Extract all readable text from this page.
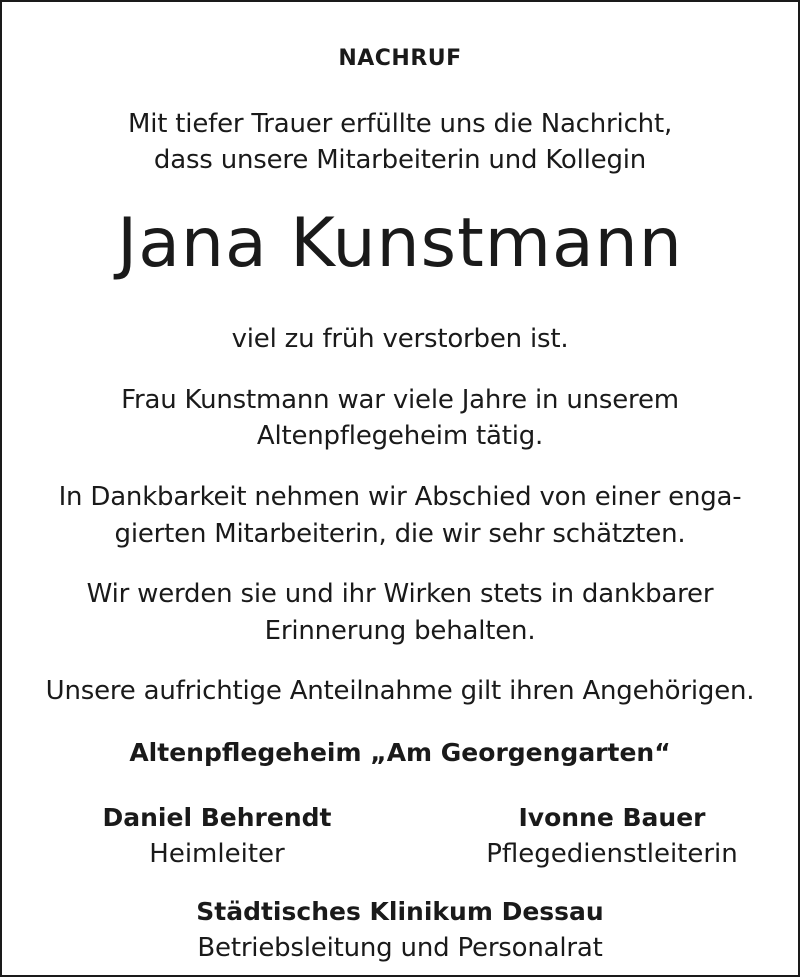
NACHRUF
Mit tiefer Trauer erfüllte uns die Nachricht,
dass unsere Mitarbeiterin und Kollegin
Jana Kunstmann
viel zu früh verstorben ist.
Frau Kunstmann war viele Jahre in unserem
Altenpflegeheim tätig.
In Dankbarkeit nehmen wir Abschied von einer enga-
gierten Mitarbeiterin, die wir sehr schätzten.
Wir werden sie und ihr Wirken stets in dankbarer
Erinnerung behalten.
Unsere aufrichtige Anteilnahme gilt ihren Angehörigen.
Altenpflegeheim „Am Georgengarten“
Daniel Behrendt
Heimleiter
Ivonne Bauer
Pflegedienstleiterin
Städtisches Klinikum Dessau
Betriebsleitung und Personalrat
